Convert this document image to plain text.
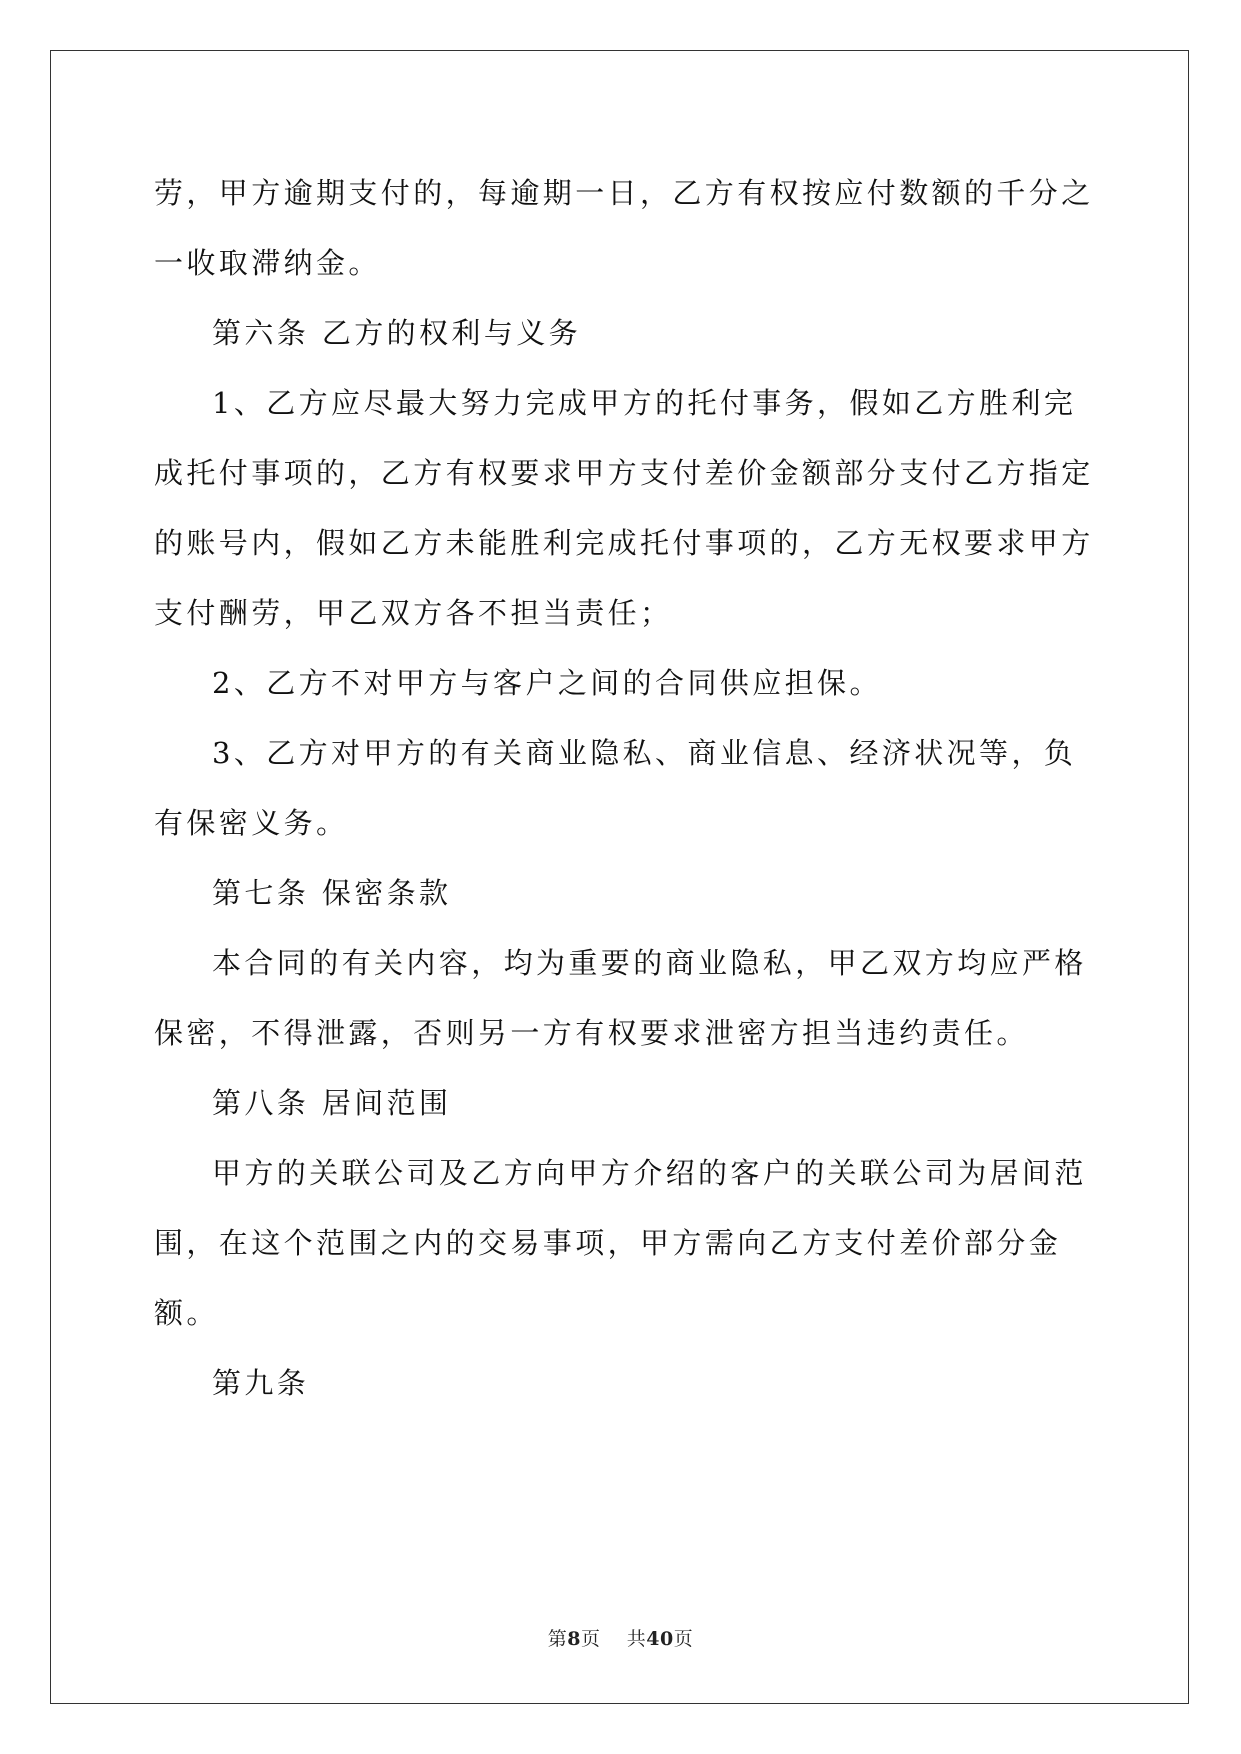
劳，甲方逾期支付的，每逾期一日，乙方有权按应付数额的千分之一收取滞纳金。

第六条 乙方的权利与义务

1、乙方应尽最大努力完成甲方的托付事务，假如乙方胜利完成托付事项的，乙方有权要求甲方支付差价金额部分支付乙方指定的账号内，假如乙方未能胜利完成托付事项的，乙方无权要求甲方支付酬劳，甲乙双方各不担当责任；

2、乙方不对甲方与客户之间的合同供应担保。

3、乙方对甲方的有关商业隐私、商业信息、经济状况等，负有保密义务。

第七条 保密条款

本合同的有关内容，均为重要的商业隐私，甲乙双方均应严格保密，不得泄露，否则另一方有权要求泄密方担当违约责任。

第八条 居间范围

甲方的关联公司及乙方向甲方介绍的客户的关联公司为居间范围，在这个范围之内的交易事项，甲方需向乙方支付差价部分金额。

第九条

第8页 共40页
